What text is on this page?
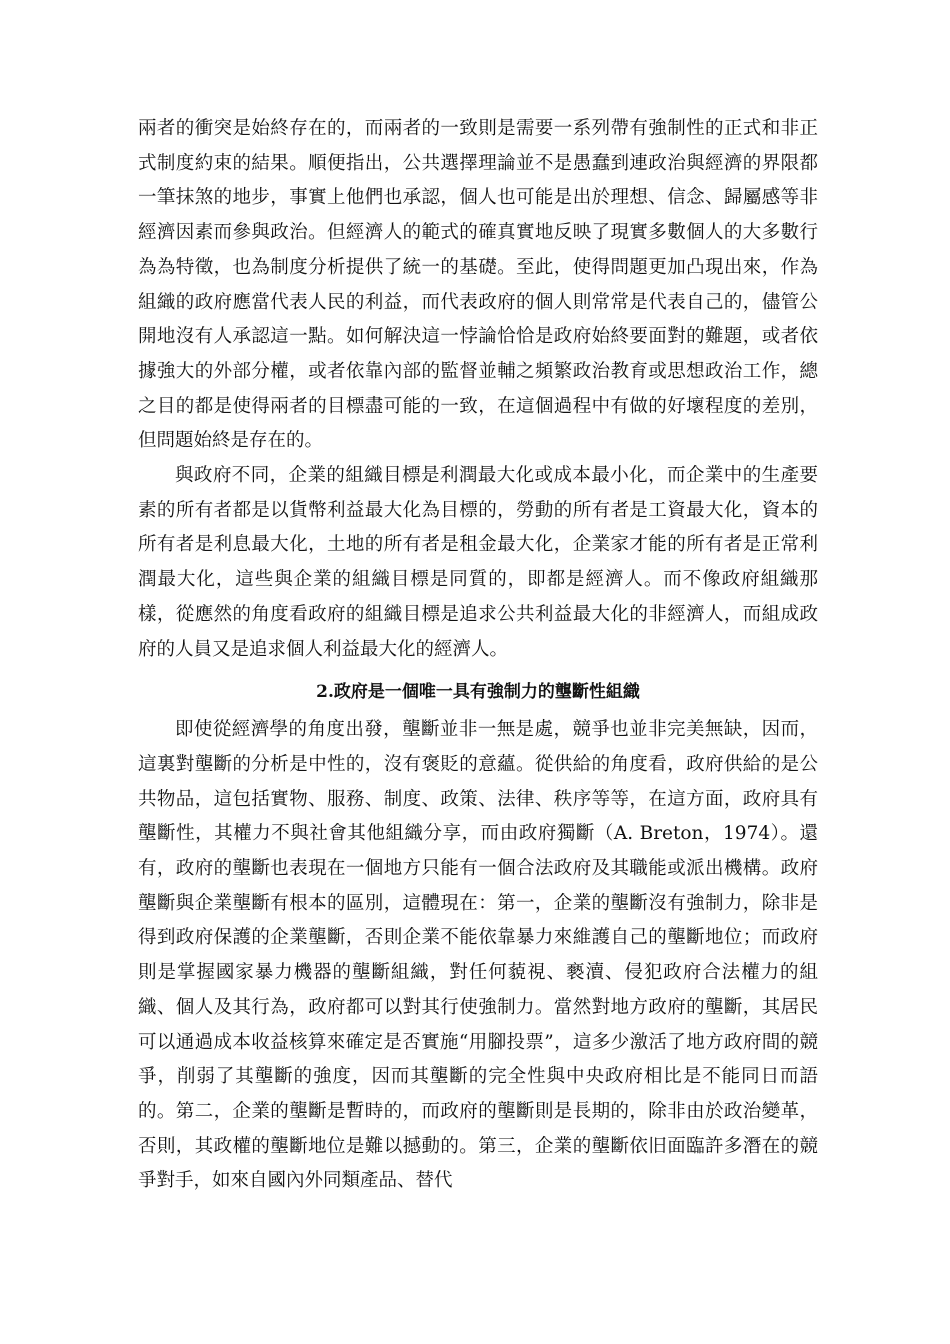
兩者的衝突是始終存在的，而兩者的一致則是需要一系列帶有強制性的正式和非正式制度約束的結果。順便指出，公共選擇理論並不是愚蠢到連政治與經濟的界限都一筆抹煞的地步，事實上他們也承認，個人也可能是出於理想、信念、歸屬感等非經濟因素而參與政治。但經濟人的範式的確真實地反映了現實多數個人的大多數行為為特徵，也為制度分析提供了統一的基礎。至此，使得問題更加凸現出來，作為組織的政府應當代表人民的利益，而代表政府的個人則常常是代表自己的，儘管公開地沒有人承認這一點。如何解決這一悖論恰恰是政府始終要面對的難題，或者依據強大的外部分權，或者依靠內部的監督並輔之頻繁政治教育或思想政治工作，總之目的都是使得兩者的目標盡可能的一致，在這個過程中有做的好壞程度的差別，但問題始終是存在的。

與政府不同，企業的組織目標是利潤最大化或成本最小化，而企業中的生產要素的所有者都是以貨幣利益最大化為目標的，勞動的所有者是工資最大化，資本的所有者是利息最大化，土地的所有者是租金最大化，企業家才能的所有者是正常利潤最大化，這些與企業的組織目標是同質的，即都是經濟人。而不像政府組織那樣，從應然的角度看政府的組織目標是追求公共利益最大化的非經濟人，而組成政府的人員又是追求個人利益最大化的經濟人。

2.政府是一個唯一具有強制力的壟斷性組織

即使從經濟學的角度出發，壟斷並非一無是處，競爭也並非完美無缺，因而，這裏對壟斷的分析是中性的，沒有褒貶的意蘊。從供給的角度看，政府供給的是公共物品，這包括實物、服務、制度、政策、法律、秩序等等，在這方面，政府具有壟斷性，其權力不與社會其他組織分享，而由政府獨斷（A. Breton，1974）。還有，政府的壟斷也表現在一個地方只能有一個合法政府及其職能或派出機構。政府壟斷與企業壟斷有根本的區別，這體現在：第一，企業的壟斷沒有強制力，除非是得到政府保護的企業壟斷，否則企業不能依靠暴力來維護自己的壟斷地位；而政府則是掌握國家暴力機器的壟斷組織，對任何藐視、褻瀆、侵犯政府合法權力的組織、個人及其行為，政府都可以對其行使強制力。當然對地方政府的壟斷，其居民可以通過成本收益核算來確定是否實施“用腳投票”，這多少激活了地方政府間的競爭，削弱了其壟斷的強度，因而其壟斷的完全性與中央政府相比是不能同日而語的。第二，企業的壟斷是暫時的，而政府的壟斷則是長期的，除非由於政治變革，否則，其政權的壟斷地位是難以撼動的。第三，企業的壟斷依旧面臨許多潛在的競爭對手，如來自國內外同類產品、替代
